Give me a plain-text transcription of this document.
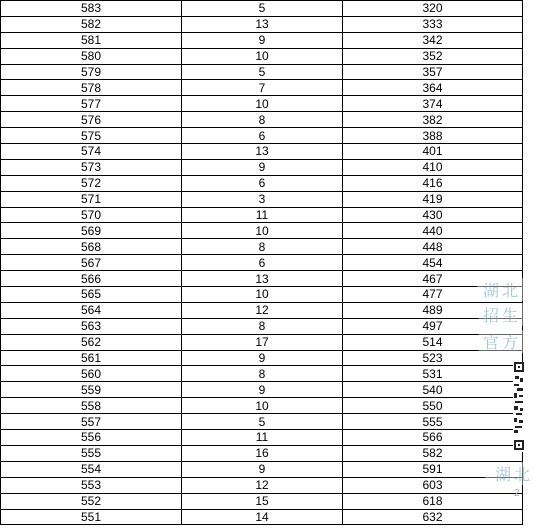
583	5	320
582	13	333
581	9	342
580	10	352
579	5	357
578	7	364
577	10	374
576	8	382
575	6	388
574	13	401
573	9	410
572	6	416
571	3	419
570	11	430
569	10	440
568	8	448
567	6	454
566	13	467
565	10	477
564	12	489
563	8	497
562	17	514
561	9	523
560	8	531
559	9	540
558	10	550
557	5	555
556	11	566
555	16	582
554	9	591
553	12	603
552	15	618
551	14	632
湖北
招生
官方
湖北
2
